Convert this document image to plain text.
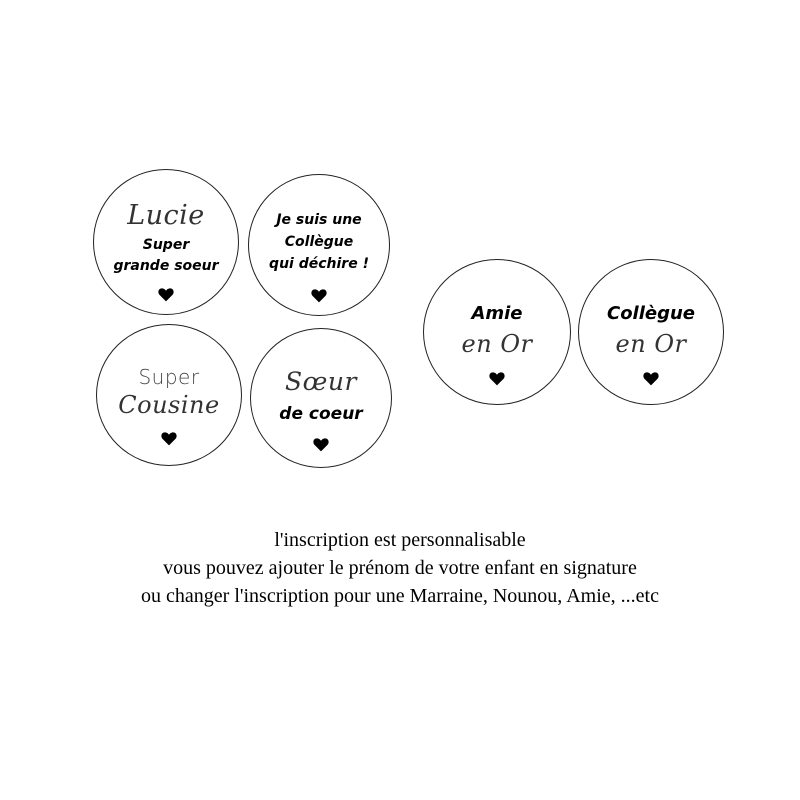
Lucie
Super
grande soeur
Je suis une
Collègue
qui déchire !
Super
Cousine
Sœur
de coeur
Amie
en Or
Collègue
en Or
l'inscription est personnalisable
vous pouvez ajouter le prénom de votre enfant en signature
ou changer l'inscription pour une Marraine, Nounou, Amie, ...etc
